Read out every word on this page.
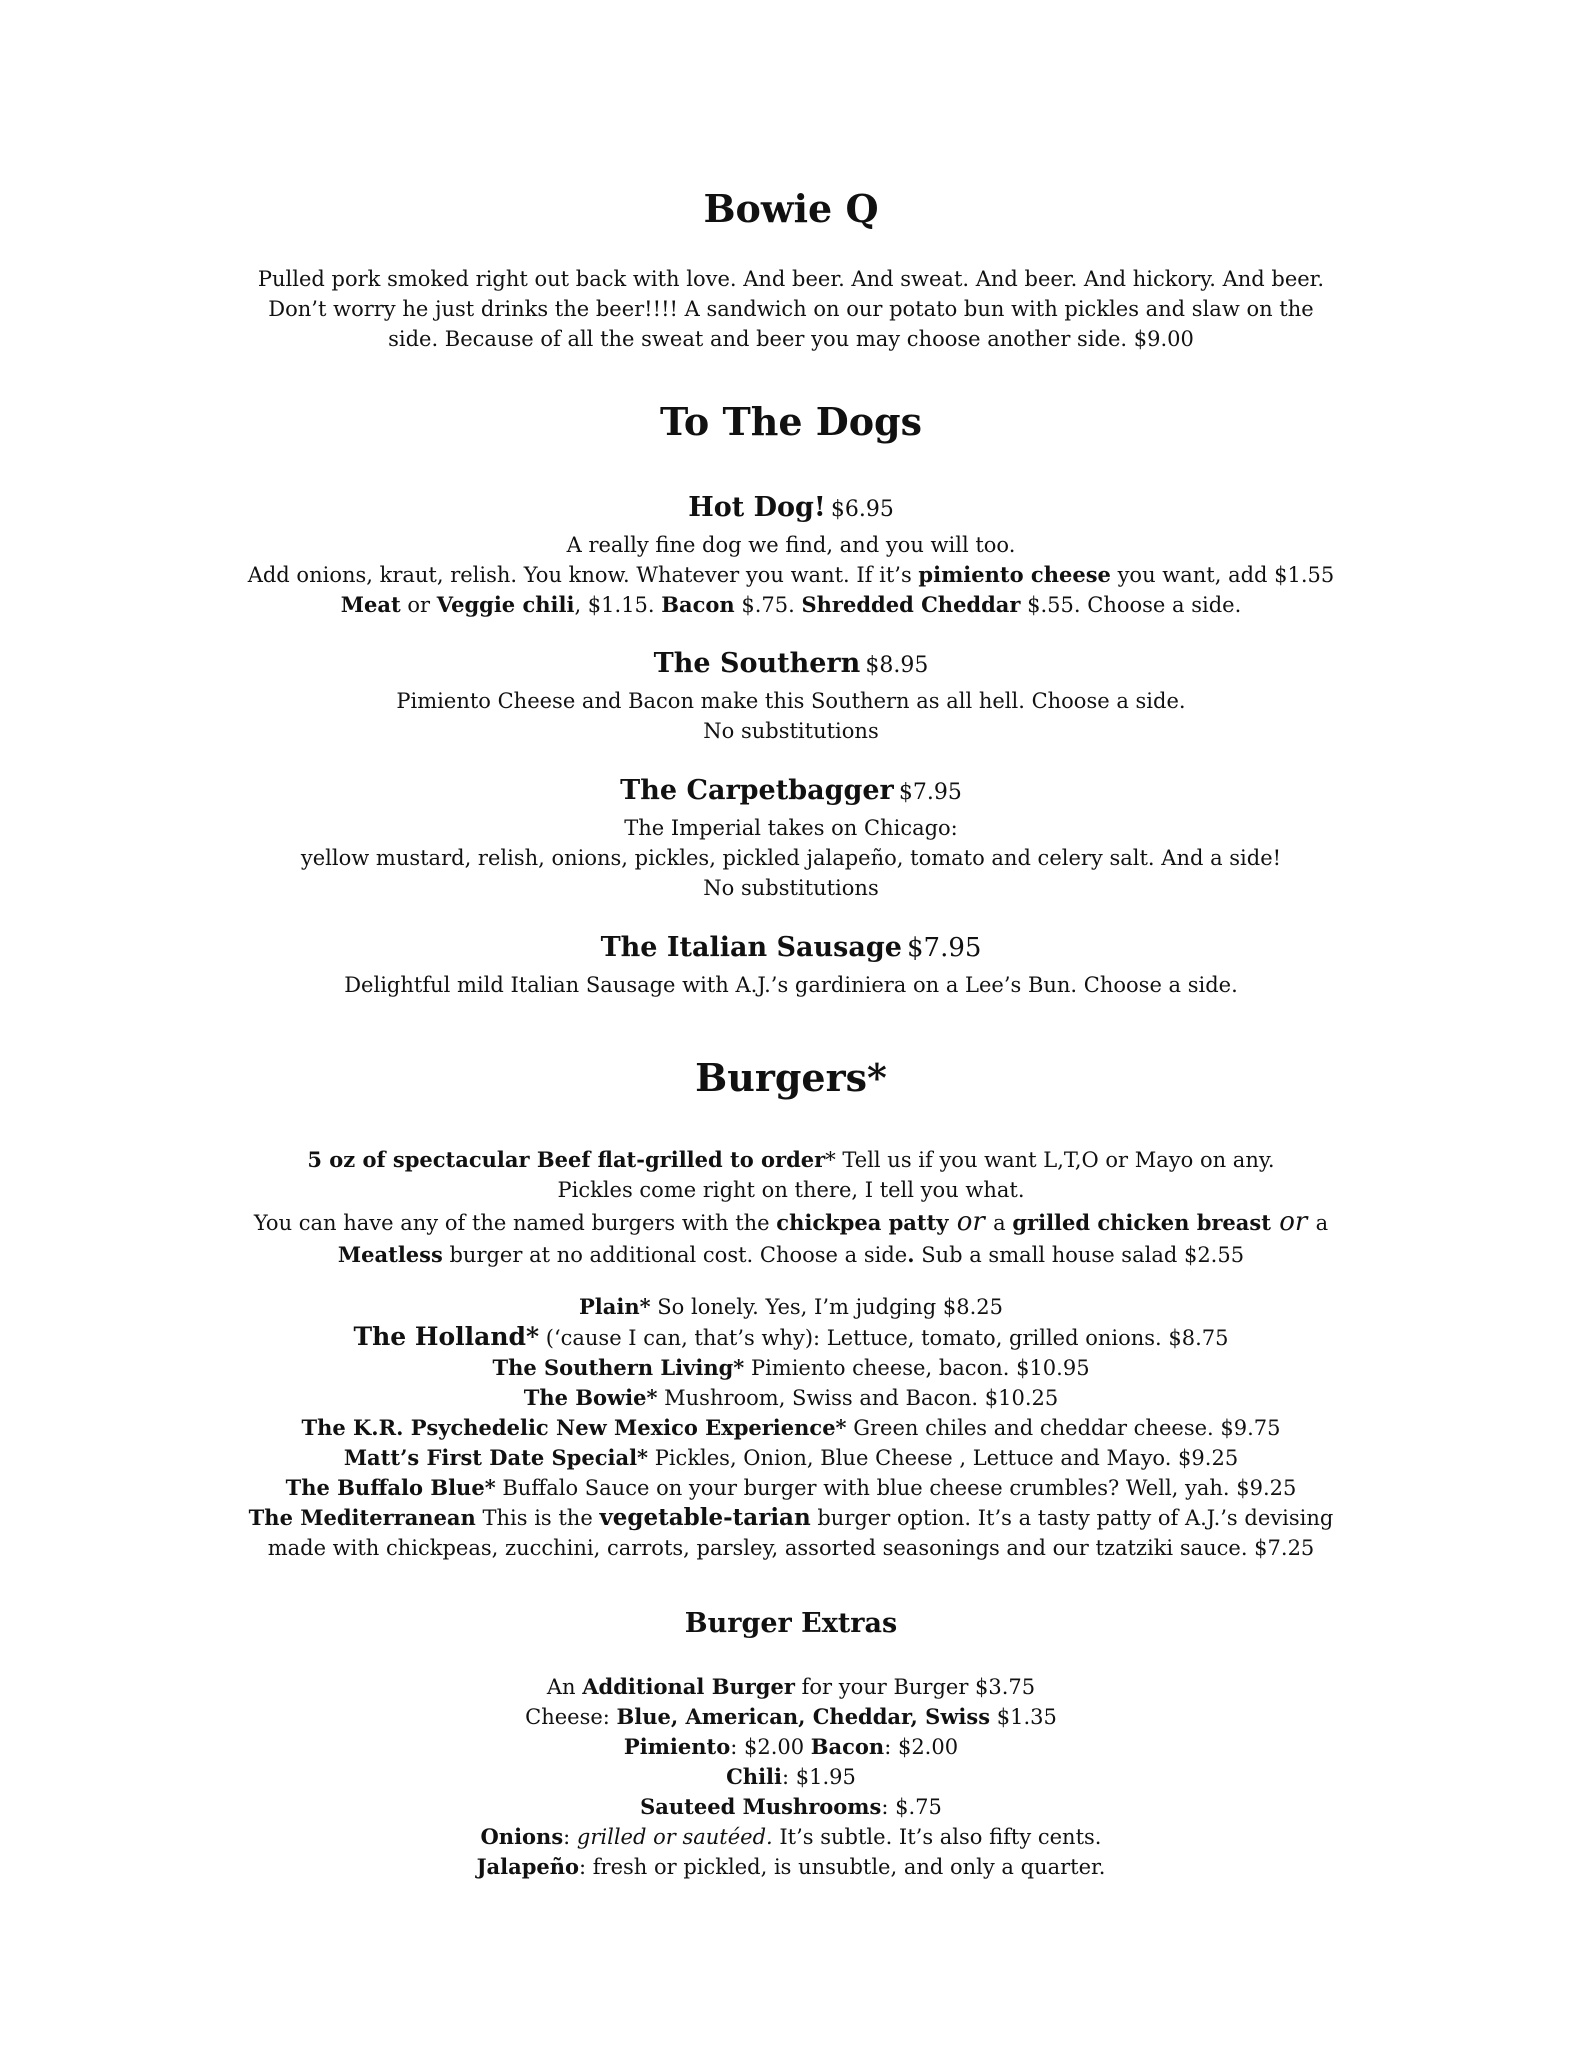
Bowie Q
Pulled pork smoked right out back with love. And beer. And sweat. And beer. And hickory. And beer.
Don’t worry he just drinks the beer!!!! A sandwich on our potato bun with pickles and slaw on the
side. Because of all the sweat and beer you may choose another side. $9.00
To The Dogs
Hot Dog! $6.95
A really fine dog we find, and you will too.
Add onions, kraut, relish. You know. Whatever you want. If it’s pimiento cheese you want, add $1.55
Meat or Veggie chili, $1.15. Bacon $.75. Shredded Cheddar $.55. Choose a side.
The Southern $8.95
Pimiento Cheese and Bacon make this Southern as all hell. Choose a side.
No substitutions
The Carpetbagger $7.95
The Imperial takes on Chicago:
yellow mustard, relish, onions, pickles, pickled jalapeño, tomato and celery salt. And a side!
No substitutions
The Italian Sausage $7.95
Delightful mild Italian Sausage with A.J.’s gardiniera on a Lee’s Bun. Choose a side.
Burgers*
5 oz of spectacular Beef flat-grilled to order* Tell us if you want L,T,O or Mayo on any.
Pickles come right on there, I tell you what.
You can have any of the named burgers with the chickpea patty or a grilled chicken breast or a
Meatless burger at no additional cost. Choose a side. Sub a small house salad $2.55
Plain* So lonely. Yes, I’m judging $8.25
The Holland* (‘cause I can, that’s why): Lettuce, tomato, grilled onions. $8.75
The Southern Living* Pimiento cheese, bacon. $10.95
The Bowie* Mushroom, Swiss and Bacon. $10.25
The K.R. Psychedelic New Mexico Experience* Green chiles and cheddar cheese. $9.75
Matt’s First Date Special* Pickles, Onion, Blue Cheese , Lettuce and Mayo. $9.25
The Buffalo Blue* Buffalo Sauce on your burger with blue cheese crumbles? Well, yah. $9.25
The Mediterranean This is the vegetable-tarian burger option. It’s a tasty patty of A.J.’s devising
made with chickpeas, zucchini, carrots, parsley, assorted seasonings and our tzatziki sauce. $7.25
Burger Extras
An Additional Burger for your Burger $3.75
Cheese: Blue, American, Cheddar, Swiss $1.35
Pimiento: $2.00 Bacon: $2.00
Chili: $1.95
Sauteed Mushrooms: $.75
Onions: grilled or sautéed. It’s subtle. It’s also fifty cents.
Jalapeño: fresh or pickled, is unsubtle, and only a quarter.
